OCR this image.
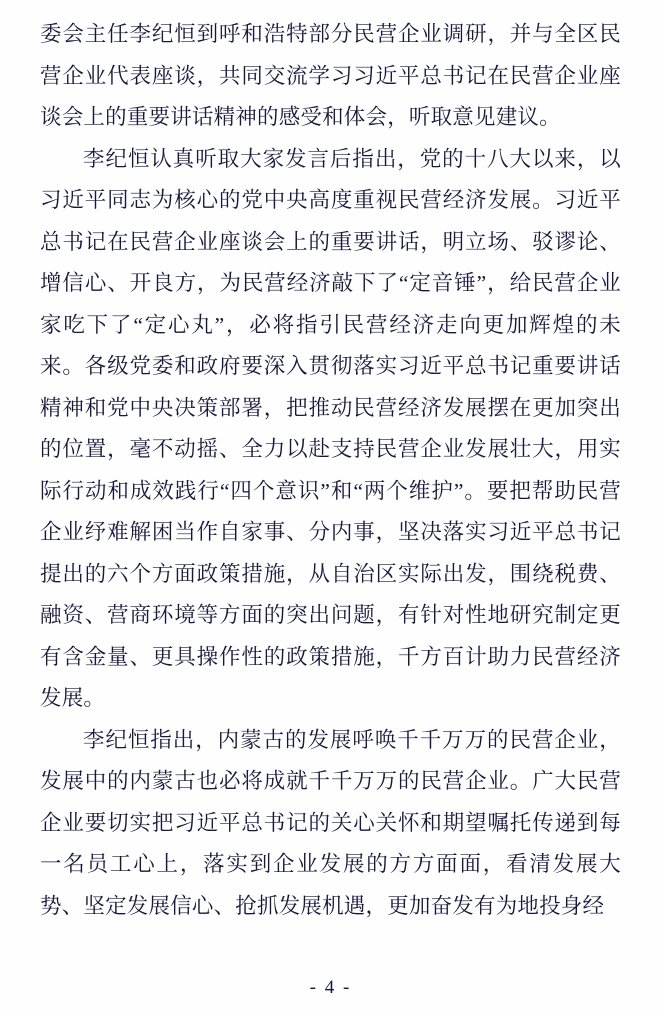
委会主任李纪恒到呼和浩特部分民营企业调研，并与全区民营企业代表座谈，共同交流学习习近平总书记在民营企业座谈会上的重要讲话精神的感受和体会，听取意见建议。

李纪恒认真听取大家发言后指出，党的十八大以来，以习近平同志为核心的党中央高度重视民营经济发展。习近平总书记在民营企业座谈会上的重要讲话，明立场、驳谬论、增信心、开良方，为民营经济敲下了“定音锤”，给民营企业家吃下了“定心丸”，必将指引民营经济走向更加辉煌的未来。各级党委和政府要深入贯彻落实习近平总书记重要讲话精神和党中央决策部署，把推动民营经济发展摆在更加突出的位置，毫不动摇、全力以赴支持民营企业发展壮大，用实际行动和成效践行“四个意识”和“两个维护”。要把帮助民营企业纾难解困当作自家事、分内事，坚决落实习近平总书记提出的六个方面政策措施，从自治区实际出发，围绕税费、融资、营商环境等方面的突出问题，有针对性地研究制定更有含金量、更具操作性的政策措施，千方百计助力民营经济发展。

李纪恒指出，内蒙古的发展呼唤千千万万的民营企业，发展中的内蒙古也必将成就千千万万的民营企业。广大民营企业要切实把习近平总书记的关心关怀和期望嘱托传递到每一名员工心上，落实到企业发展的方方面面，看清发展大势、坚定发展信心、抢抓发展机遇，更加奋发有为地投身经

- 4 -
